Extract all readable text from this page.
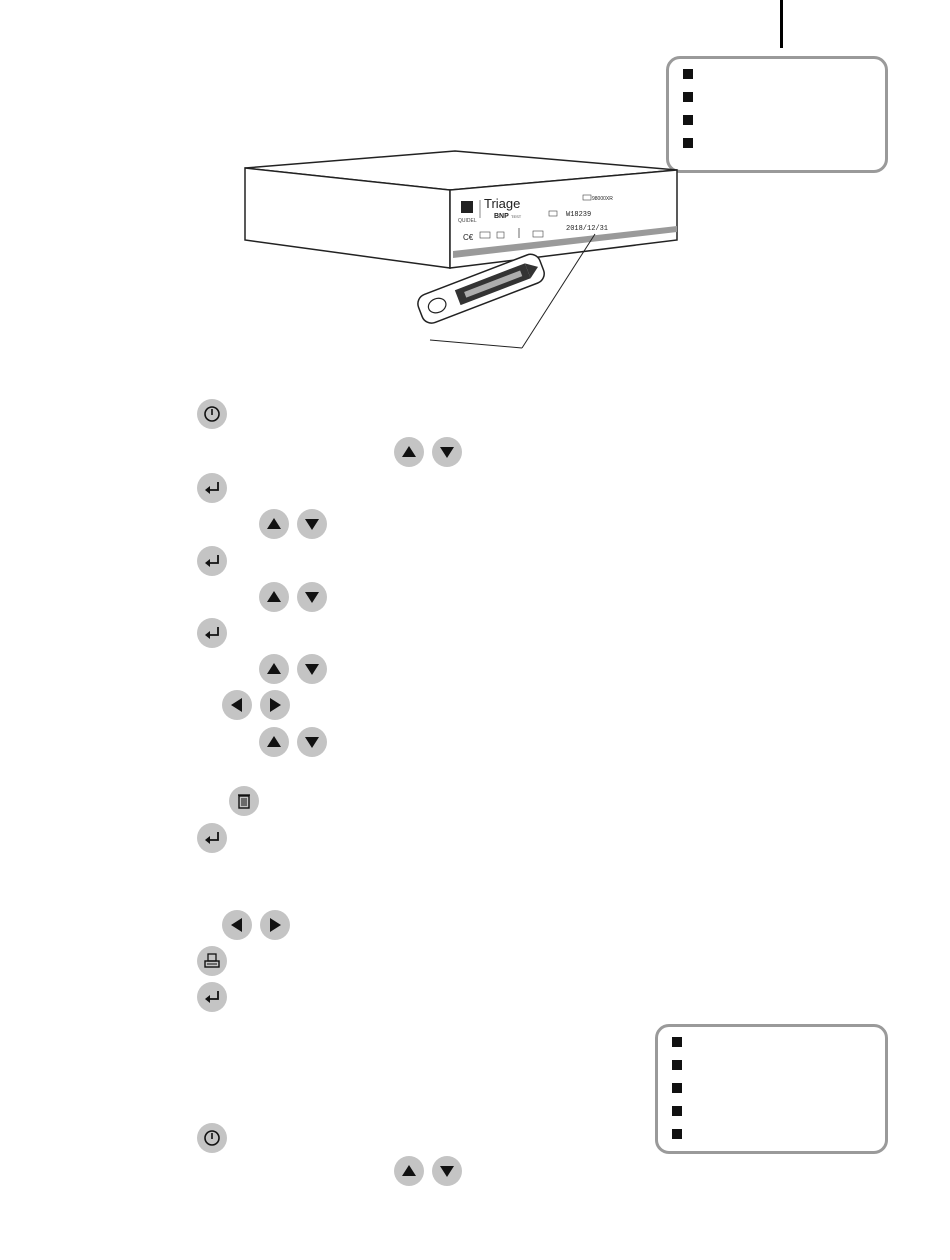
QUIDEL
Triage
BNP TEST
98000XR
W18239
2018/12/31
C€
